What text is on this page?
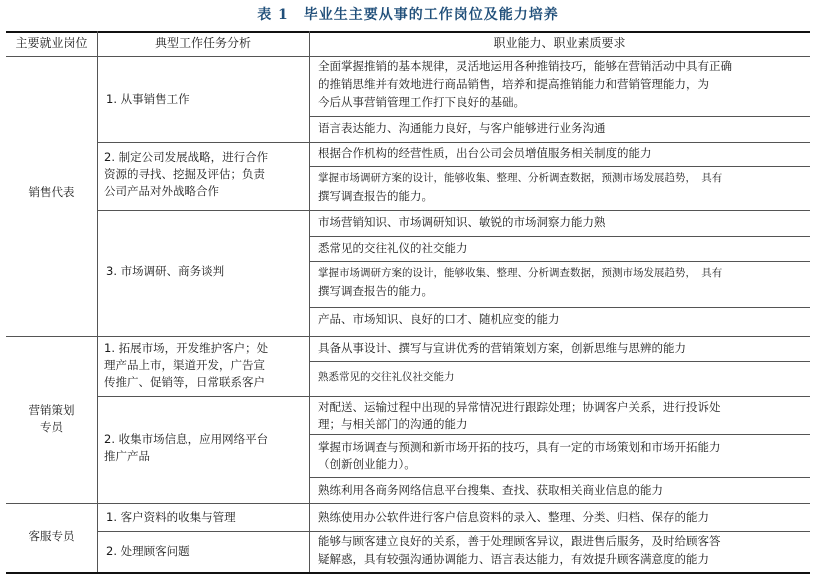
表 1　毕业生主要从事的工作岗位及能力培养
主要就业岗位	典型工作任务分析	职业能力、职业素质要求
销售代表
1. 从事销售工作
2. 制定公司发展战略，进行合作
资源的寻找、挖掘及评估；负责
公司产品对外战略合作
3. 市场调研、商务谈判
全面掌握推销的基本规律，灵活地运用各种推销技巧，能够在营销活动中具有正确
的推销思维并有效地进行商品销售，培养和提高推销能力和营销管理能力，为
今后从事营销管理工作打下良好的基础。
语言表达能力、沟通能力良好，与客户能够进行业务沟通
根据合作机构的经营性质，出台公司会员增值服务相关制度的能力
掌握市场调研方案的设计，能够收集、整理、分析调查数据，预测市场发展趋势，　具有
撰写调查报告的能力。
市场营销知识、市场调研知识、敏锐的市场洞察力能力熟
悉常见的交往礼仪的社交能力
掌握市场调研方案的设计，能够收集、整理、分析调查数据，预测市场发展趋势，　具有
撰写调查报告的能力。
产品、市场知识、良好的口才、随机应变的能力
营销策划
专员
1. 拓展市场，开发维护客户；处
理产品上市，渠道开发，广告宣
传推广、促销等，日常联系客户
2. 收集市场信息，应用网络平台
推广产品
具备从事设计、撰写与宣讲优秀的营销策划方案，创新思维与思辨的能力
熟悉常见的交往礼仪社交能力
对配送、运输过程中出现的异常情况进行跟踪处理；协调客户关系，进行投诉处
理；与相关部门的沟通的能力
掌握市场调查与预测和新市场开拓的技巧，具有一定的市场策划和市场开拓能力
（创新创业能力）。
熟练利用各商务网络信息平台搜集、查找、获取相关商业信息的能力
客服专员
1. 客户资料的收集与管理
2. 处理顾客问题
熟练使用办公软件进行客户信息资料的录入、整理、分类、归档、保存的能力
能够与顾客建立良好的关系，善于处理顾客异议，跟进售后服务，及时给顾客答
疑解惑，具有较强沟通协调能力、语言表达能力，有效提升顾客满意度的能力
